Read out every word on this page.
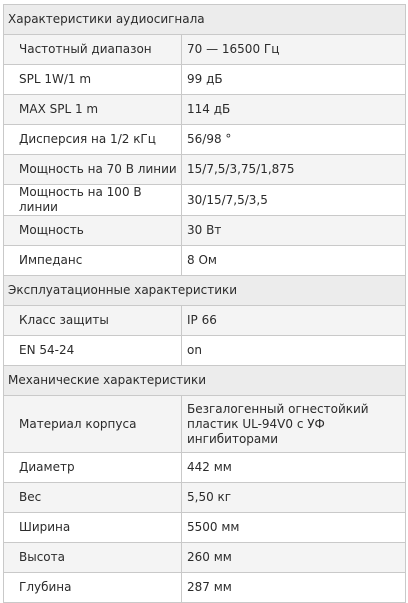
Характеристики аудиосигнала	
Частотный диапазон	70 — 16500 Гц
SPL 1W/1 m	99 дБ
MAX SPL 1 m	114 дБ
Дисперсия на 1/2 кГц	56/98 °
Мощность на 70 В линии	15/7,5/3,75/1,875
Мощность на 100 В линии	30/15/7,5/3,5
Мощность	30 Вт
Импеданс	8 Ом
Эксплуатационные характеристики	
Класс защиты	IP 66
EN 54-24	on
Механические характеристики	
Материал корпуса	Безгалогенный огнестойкий пластик UL-94V0 с УФ ингибиторами
Диаметр	442 мм
Вес	5,50 кг
Ширина	5500 мм
Высота	260 мм
Глубина	287 мм
